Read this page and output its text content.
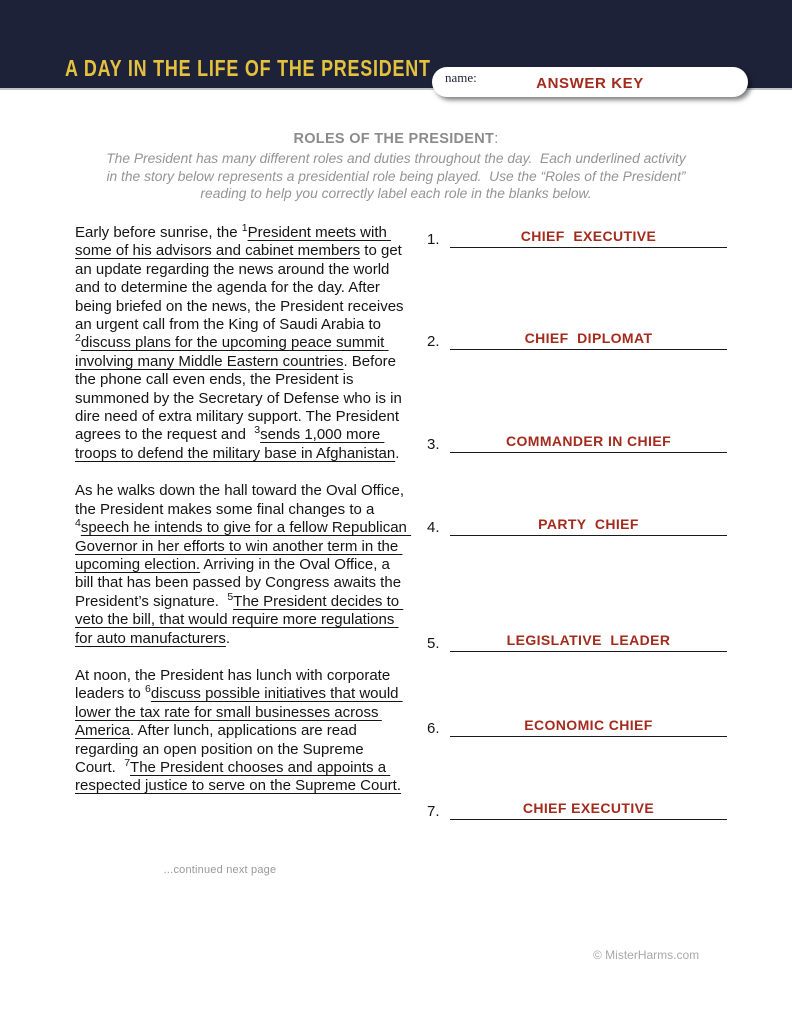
A DAY IN THE LIFE OF THE PRESIDENT name:	ANSWER KEY
ROLES OF THE PRESIDENT:
The President has many different roles and duties throughout the day.  Each underlined activity
in the story below represents a presidential role being played.  Use the “Roles of the President”
reading to help you correctly label each role in the blanks below.

Early before sunrise, the $^1$President meets with some of his advisors and cabinet members to get an update regarding the news around the world and to determine the agenda for the day. After being briefed on the news, the President receives an urgent call from the King of Saudi Arabia to $^2$discuss plans for the upcoming peace summit involving many Middle Eastern countries. Before the phone call even ends, the President is summoned by the Secretary of Defense who is in dire need of extra military support. The President agrees to the request and  $^3$sends 1,000 more troops to defend the military base in Afghanistan.

As he walks down the hall toward the Oval Office, the President makes some final changes to a $^4$speech he intends to give for a fellow Republican Governor in her efforts to win another term in the upcoming election. Arriving in the Oval Office, a bill that has been passed by Congress awaits the President’s signature.  $^5$The President decides to veto the bill, that would require more regulations for auto manufacturers.

At noon, the President has lunch with corporate leaders to $^6$discuss possible initiatives that would lower the tax rate for small businesses across America. After lunch, applications are read regarding an open position on the Supreme Court.  $^7$The President chooses and appoints a respected justice to serve on the Supreme Court.

...continued next page
1.	CHIEF  EXECUTIVE
2.	CHIEF  DIPLOMAT
3.	COMMANDER IN CHIEF
4.	PARTY  CHIEF
5.	LEGISLATIVE  LEADER
6.	ECONOMIC CHIEF
7.	CHIEF EXECUTIVE
© MisterHarms.com
